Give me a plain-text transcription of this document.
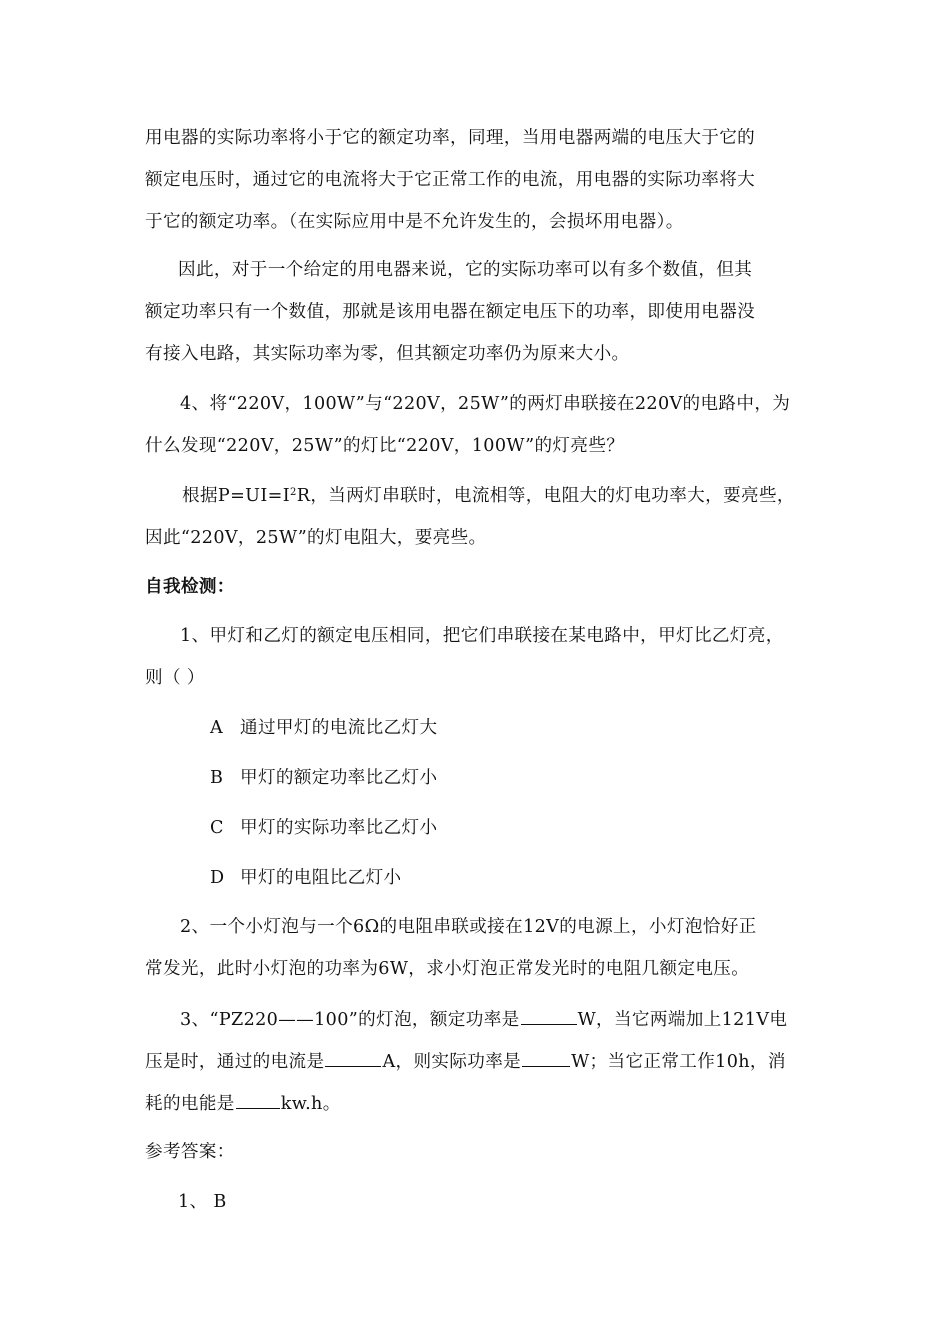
用电器的实际功率将小于它的额定功率，同理，当用电器两端的电压大于它的
额定电压时，通过它的电流将大于它正常工作的电流，用电器的实际功率将大
于它的额定功率。（在实际应用中是不允许发生的，会损坏用电器）。
因此，对于一个给定的用电器来说，它的实际功率可以有多个数值，但其
额定功率只有一个数值，那就是该用电器在额定电压下的功率，即使用电器没
有接入电路，其实际功率为零，但其额定功率仍为原来大小。
4、将“220V，100W”与“220V，25W”的两灯串联接在220V的电路中，为
什么发现“220V，25W”的灯比“220V，100W”的灯亮些？
根据$P=UI=I^2R$，当两灯串联时，电流相等，电阻大的灯电功率大，要亮些，
因此“220V，25W”的灯电阻大，要亮些。
自我检测：
1、甲灯和乙灯的额定电压相同，把它们串联接在某电路中，甲灯比乙灯亮，
则（ ）
A 通过甲灯的电流比乙灯大
B 甲灯的额定功率比乙灯小
C 甲灯的实际功率比乙灯小
D 甲灯的电阻比乙灯小
2、一个小灯泡与一个6Ω的电阻串联或接在12V的电源上，小灯泡恰好正
常发光，此时小灯泡的功率为6W，求小灯泡正常发光时的电阻几额定电压。
3、“PZ220——100”的灯泡，额定功率是	W，当它两端加上121V电
压是时，通过的电流是	A，则实际功率是	W；当它正常工作10h，消
耗的电能是	kw.h。
参考答案：
1、 B
